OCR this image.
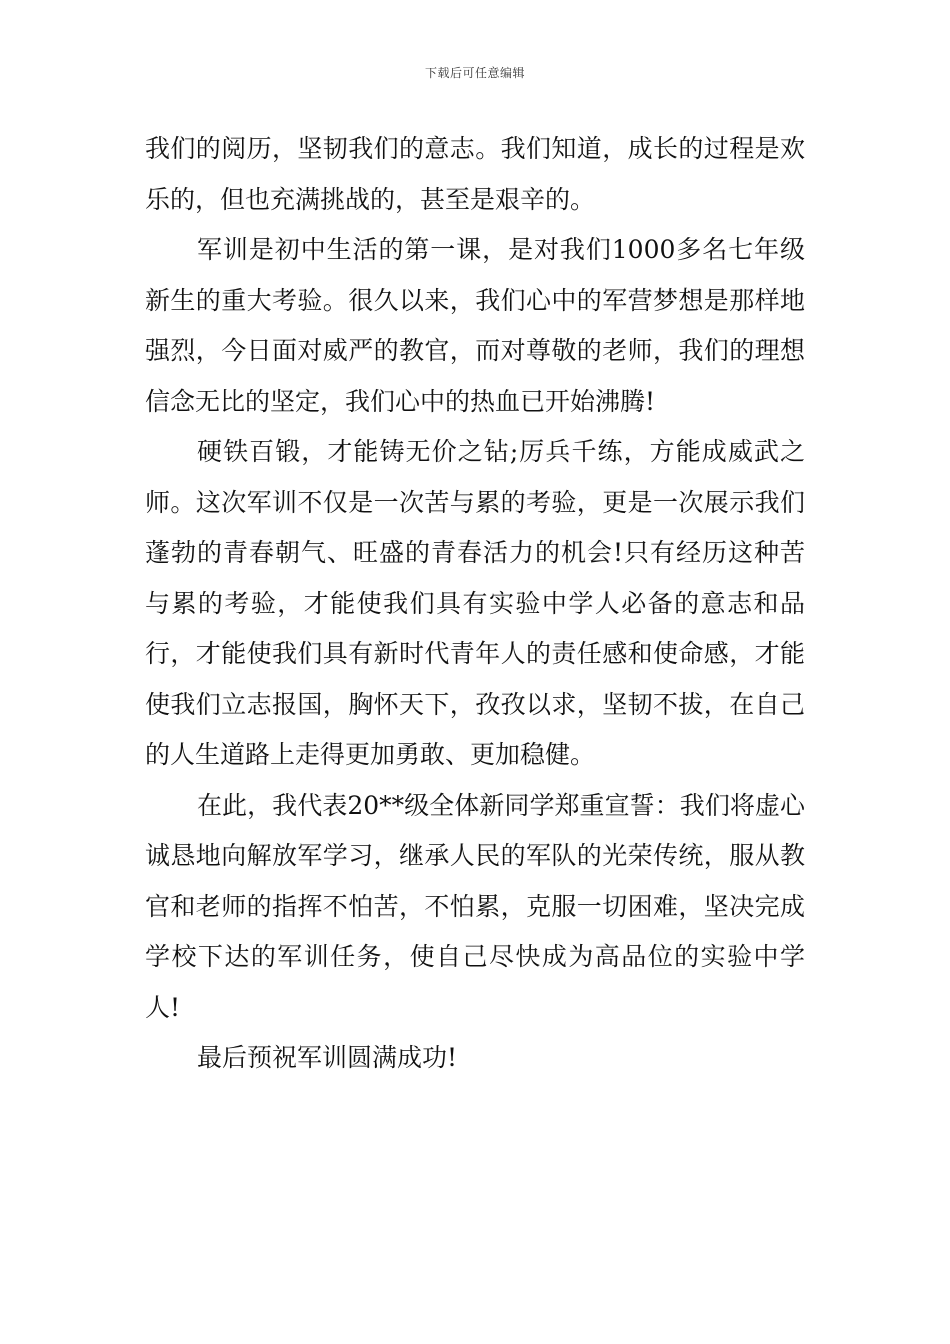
下载后可任意编辑

我们的阅历，坚韧我们的意志。我们知道，成长的过程是欢乐的，但也充满挑战的，甚至是艰辛的。

军训是初中生活的第一课，是对我们1000多名七年级新生的重大考验。很久以来，我们心中的军营梦想是那样地强烈，今日面对威严的教官，而对尊敬的老师，我们的理想信念无比的坚定，我们心中的热血已开始沸腾!

硬铁百锻，才能铸无价之钻;厉兵千练，方能成威武之师。这次军训不仅是一次苦与累的考验，更是一次展示我们蓬勃的青春朝气、旺盛的青春活力的机会!只有经历这种苦与累的考验，才能使我们具有实验中学人必备的意志和品行，才能使我们具有新时代青年人的责任感和使命感，才能使我们立志报国，胸怀天下，孜孜以求，坚韧不拔，在自己的人生道路上走得更加勇敢、更加稳健。

在此，我代表20**级全体新同学郑重宣誓：我们将虚心诚恳地向解放军学习，继承人民的军队的光荣传统，服从教官和老师的指挥不怕苦，不怕累，克服一切困难，坚决完成学校下达的军训任务，使自己尽快成为高品位的实验中学人!

最后预祝军训圆满成功!
